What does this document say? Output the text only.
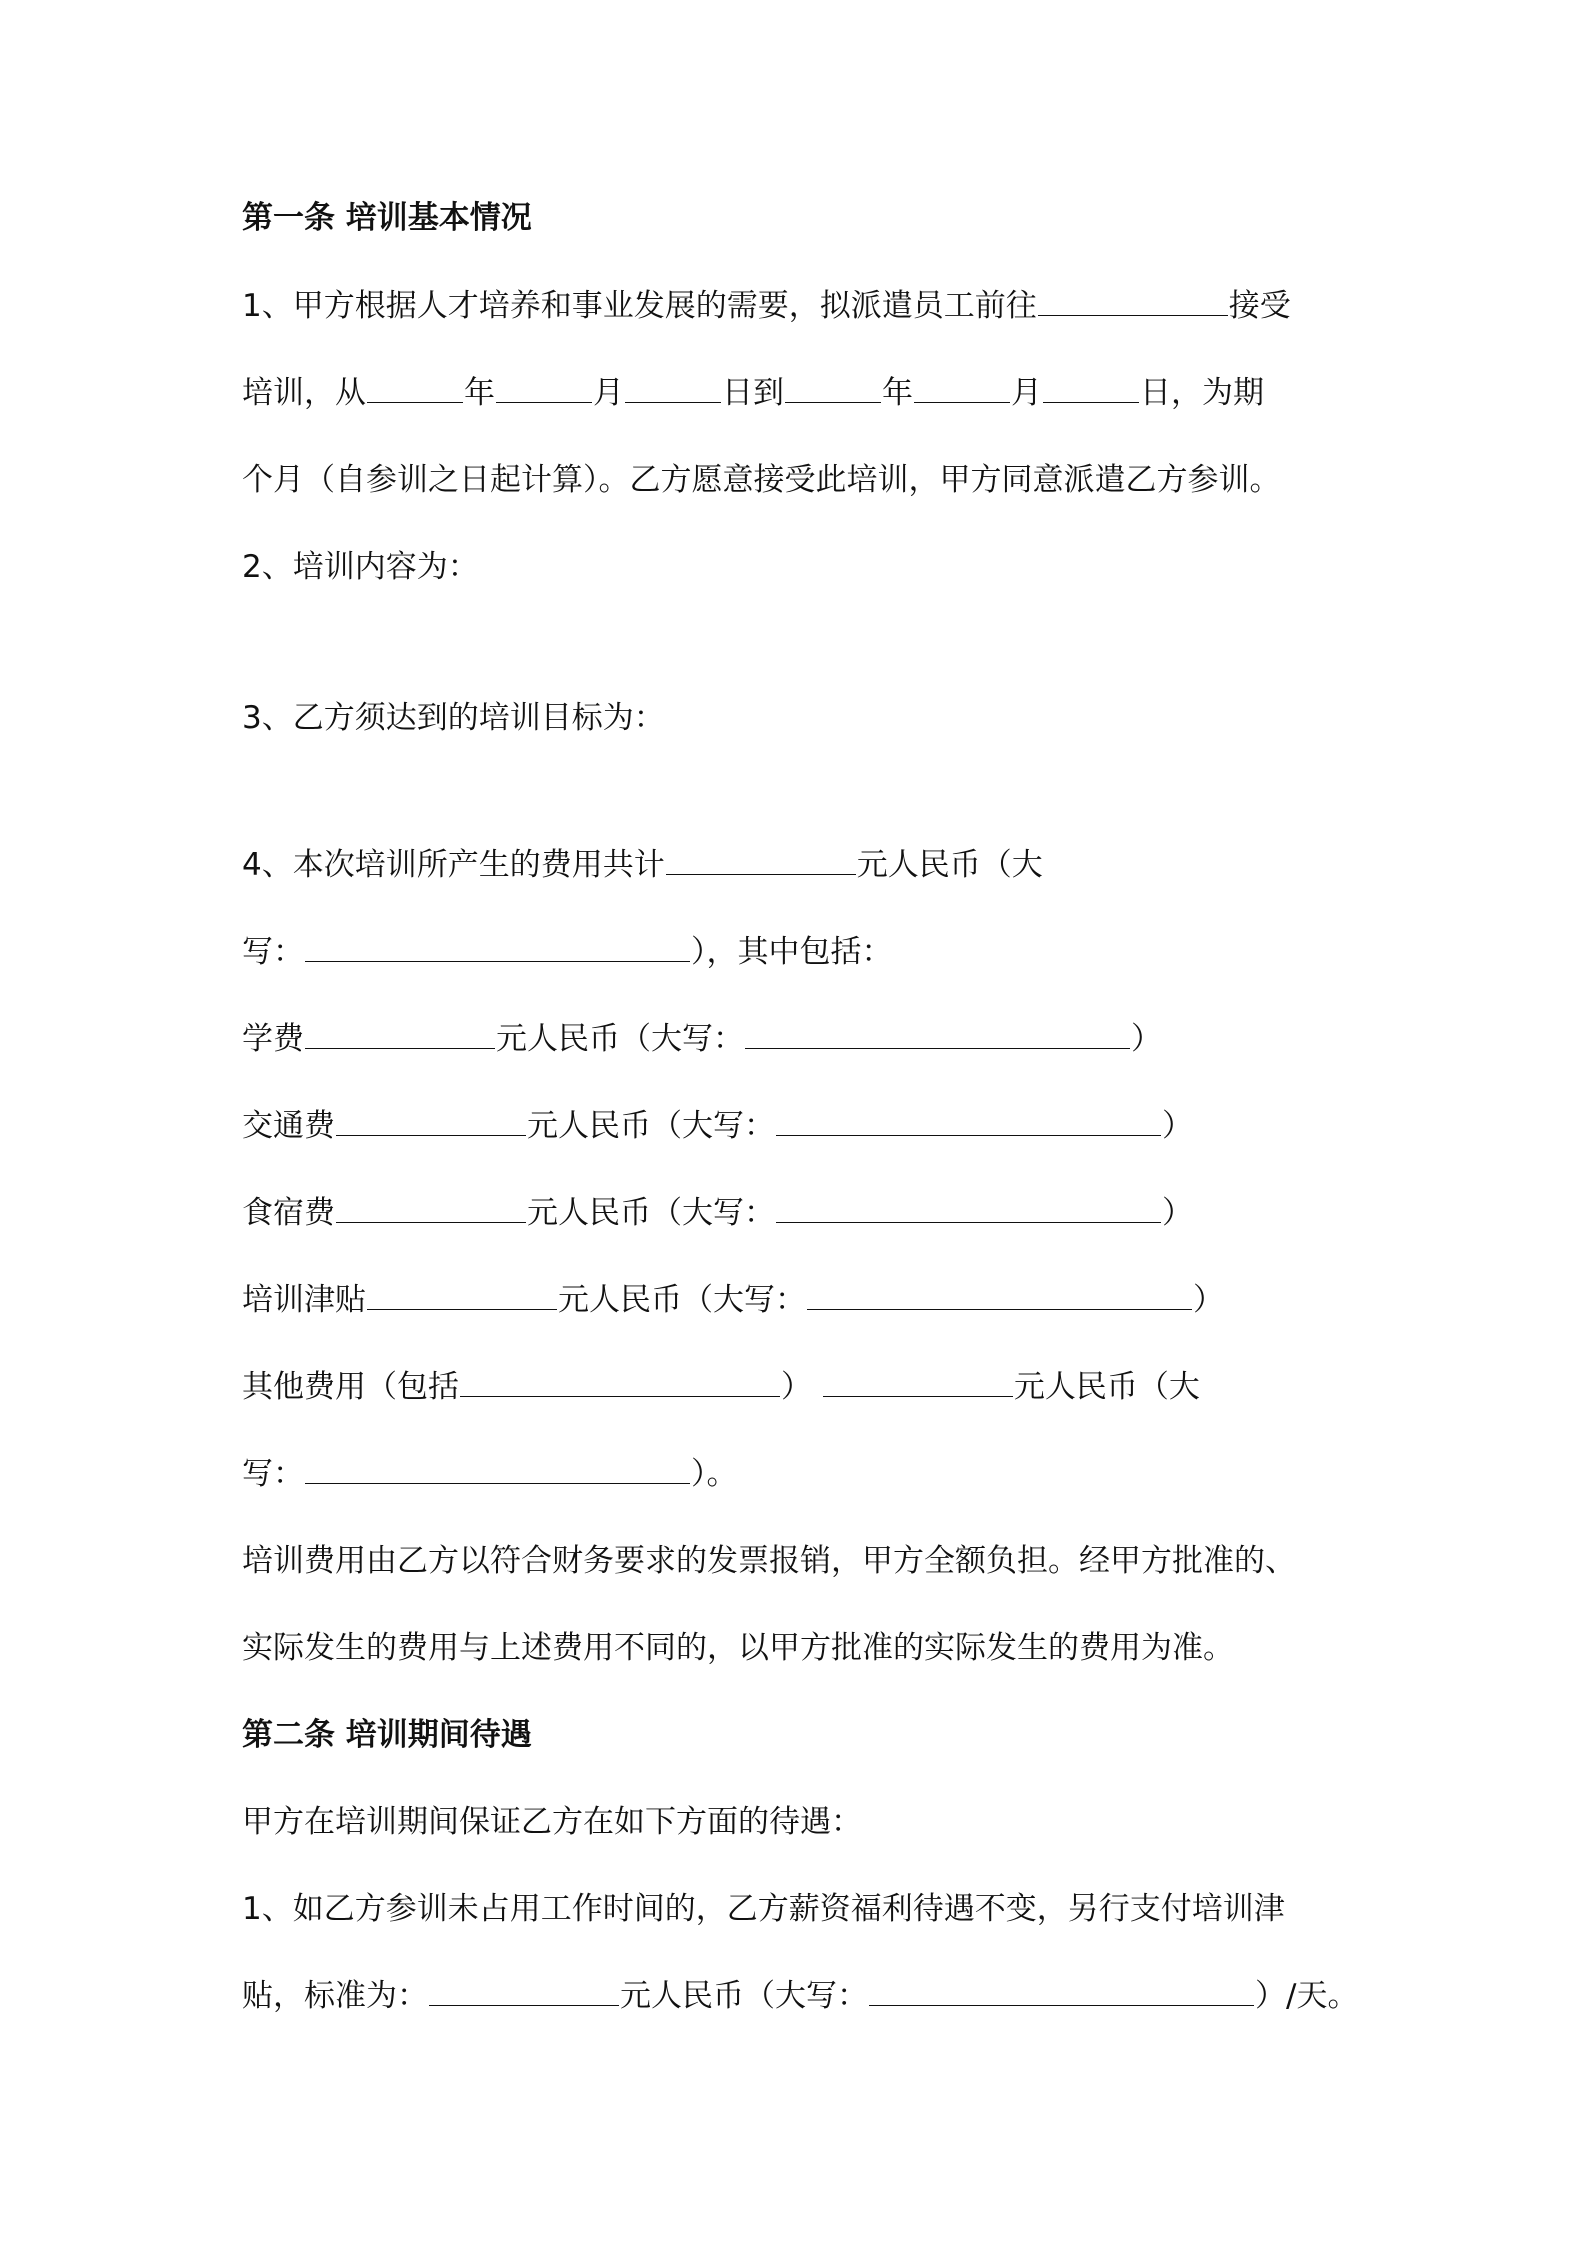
第一条 培训基本情况
1、甲方根据人才培养和事业发展的需要，拟派遣员工前往	接受
培训，从	年	月	日到	年	月	日，为期
个月（自参训之日起计算）。乙方愿意接受此培训，甲方同意派遣乙方参训。
2、培训内容为：
3、乙方须达到的培训目标为：
4、本次培训所产生的费用共计	元人民币（大
写：	），其中包括：
学费	元人民币（大写：	）
交通费	元人民币（大写：	）
食宿费	元人民币（大写：	）
培训津贴	元人民币（大写：	）
其他费用（包括	）	元人民币（大
写：	）。
培训费用由乙方以符合财务要求的发票报销，甲方全额负担。经甲方批准的、
实际发生的费用与上述费用不同的，以甲方批准的实际发生的费用为准。
第二条 培训期间待遇
甲方在培训期间保证乙方在如下方面的待遇：
1、如乙方参训未占用工作时间的，乙方薪资福利待遇不变，另行支付培训津
贴，标准为：	元人民币（大写：	）/天。
